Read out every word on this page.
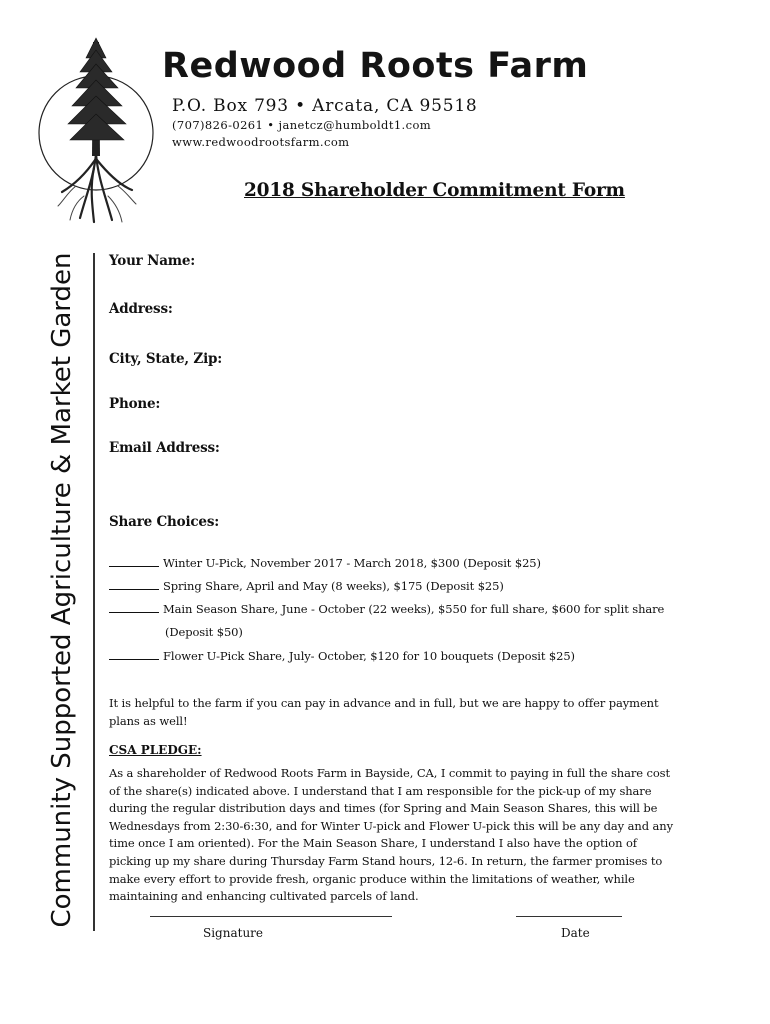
Redwood Roots Farm
P.O. Box 793 • Arcata, CA 95518
(707)826-0261 • janetcz@humboldt1.com
www.redwoodrootsfarm.com
2018 Shareholder Commitment Form
Community Supported Agriculture & Market Garden Your Name:
Address:
City, State, Zip:
Phone:
Email Address:
Share Choices:
Winter U-Pick, November 2017 - March 2018, $300 (Deposit $25)
Spring Share, April and May (8 weeks), $175 (Deposit $25)
Main Season Share, June - October (22 weeks), $550 for full share, $600 for split share
(Deposit $50)
Flower U-Pick Share, July- October, $120 for 10 bouquets (Deposit $25)
It is helpful to the farm if you can pay in advance and in full, but we are happy to offer payment plans as well!
CSA PLEDGE:
As a shareholder of Redwood Roots Farm in Bayside, CA, I commit to paying in full the share cost of the share(s) indicated above. I understand that I am responsible for the pick-up of my share during the regular distribution days and times (for Spring and Main Season Shares, this will be Wednesdays from 2:30-6:30, and for Winter U-pick and Flower U-pick this will be any day and any time once I am oriented). For the Main Season Share, I understand I also have the option of picking up my share during Thursday Farm Stand hours, 12-6. In return, the farmer promises to make every effort to provide fresh, organic produce within the limitations of weather, while maintaining and enhancing cultivated parcels of land.
Signature	Date
